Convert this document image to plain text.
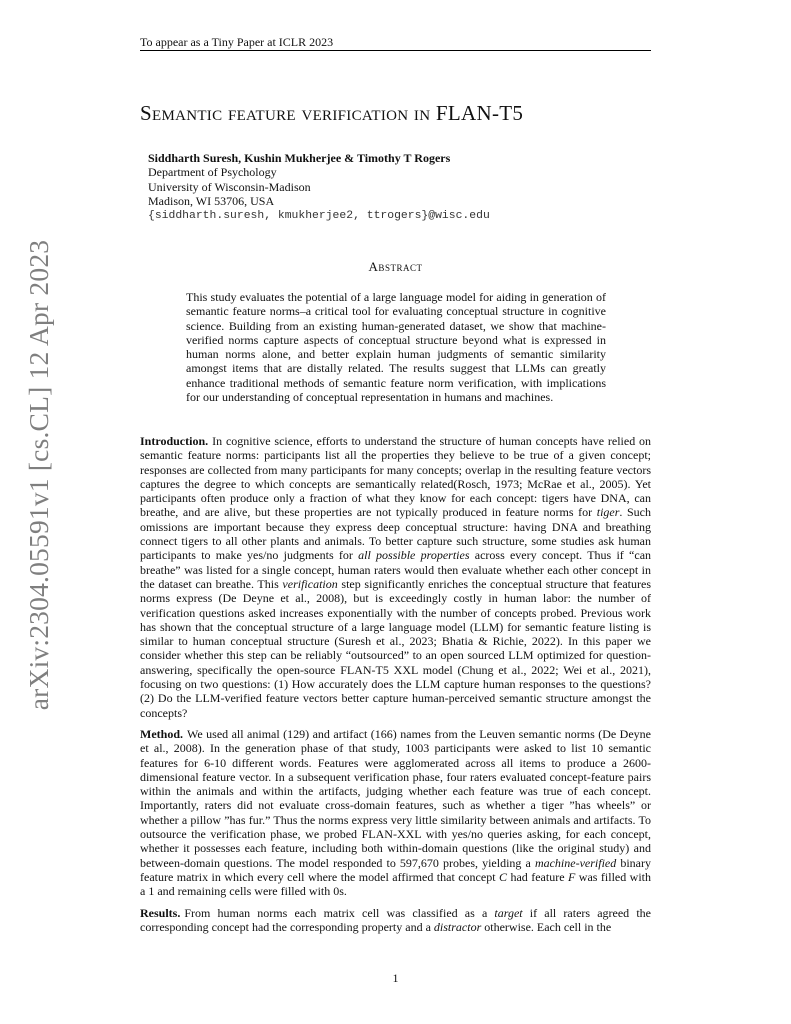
arXiv:2304.05591v1 [cs.CL] 12 Apr 2023
To appear as a Tiny Paper at ICLR 2023
Semantic feature verification in FLAN-T5
Siddharth Suresh, Kushin Mukherjee & Timothy T Rogers
Department of Psychology
University of Wisconsin-Madison
Madison, WI 53706, USA
{siddharth.suresh, kmukherjee2, ttrogers}@wisc.edu
Abstract
This study evaluates the potential of a large language model for aiding in generation of semantic feature norms–a critical tool for evaluating conceptual structure in cognitive science. Building from an existing human-generated dataset, we show that machine-verified norms capture aspects of conceptual structure beyond what is expressed in human norms alone, and better explain human judgments of semantic similarity amongst items that are distally related. The results suggest that LLMs can greatly enhance traditional methods of semantic feature norm verification, with implications for our understanding of conceptual representation in humans and machines.

Introduction. In cognitive science, efforts to understand the structure of human concepts have relied on semantic feature norms: participants list all the properties they believe to be true of a given concept; responses are collected from many participants for many concepts; overlap in the resulting feature vectors captures the degree to which concepts are semantically related(Rosch, 1973; McRae et al., 2005). Yet participants often produce only a fraction of what they know for each concept: tigers have DNA, can breathe, and are alive, but these properties are not typically produced in feature norms for tiger. Such omissions are important because they express deep conceptual structure: having DNA and breathing connect tigers to all other plants and animals. To better capture such structure, some studies ask human participants to make yes/no judgments for all possible properties across every concept. Thus if “can breathe” was listed for a single concept, human raters would then evaluate whether each other concept in the dataset can breathe. This verification step significantly enriches the conceptual structure that features norms express (De Deyne et al., 2008), but is exceedingly costly in human labor: the number of verification questions asked increases exponentially with the number of concepts probed. Previous work has shown that the conceptual structure of a large language model (LLM) for semantic feature listing is similar to human conceptual structure (Suresh et al., 2023; Bhatia & Richie, 2022). In this paper we consider whether this step can be reliably “outsourced” to an open sourced LLM optimized for question-answering, specifically the open-source FLAN-T5 XXL model (Chung et al., 2022; Wei et al., 2021), focusing on two questions: (1) How accurately does the LLM capture human responses to the questions? (2) Do the LLM-verified feature vectors better capture human-perceived semantic structure amongst the concepts?

Method. We used all animal (129) and artifact (166) names from the Leuven semantic norms (De Deyne et al., 2008). In the generation phase of that study, 1003 participants were asked to list 10 semantic features for 6-10 different words. Features were agglomerated across all items to produce a 2600-dimensional feature vector. In a subsequent verification phase, four raters evaluated concept-feature pairs within the animals and within the artifacts, judging whether each feature was true of each concept. Importantly, raters did not evaluate cross-domain features, such as whether a tiger ”has wheels” or whether a pillow ”has fur.” Thus the norms express very little similarity between animals and artifacts. To outsource the verification phase, we probed FLAN-XXL with yes/no queries asking, for each concept, whether it possesses each feature, including both within-domain questions (like the original study) and between-domain questions. The model responded to 597,670 probes, yielding a machine-verified binary feature matrix in which every cell where the model affirmed that concept C had feature F was filled with a 1 and remaining cells were filled with 0s.

Results. From human norms each matrix cell was classified as a target if all raters agreed the corresponding concept had the corresponding property and a distractor otherwise. Each cell in the

1
